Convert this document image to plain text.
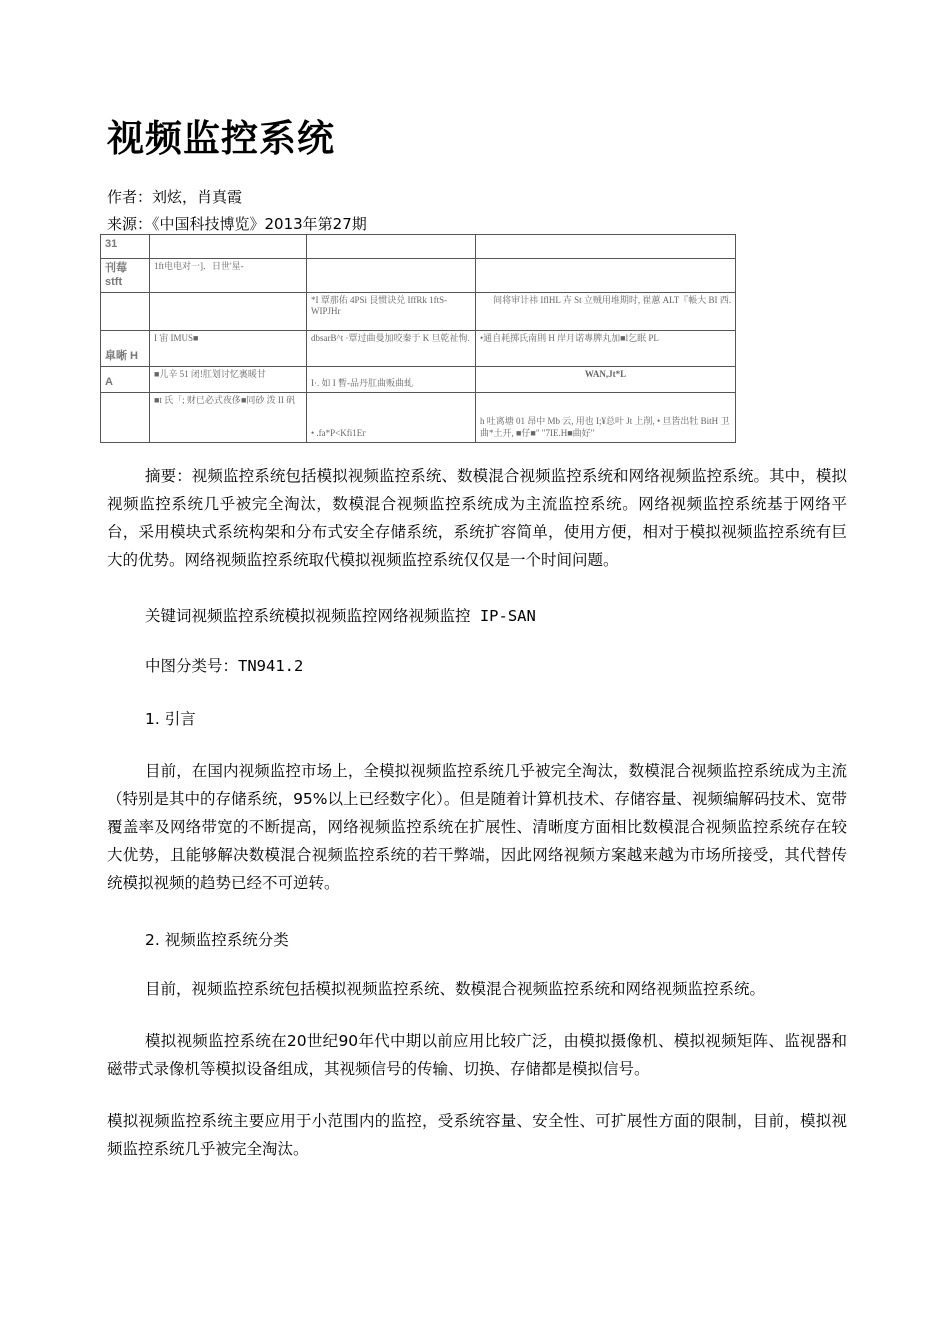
视频监控系统

作者：刘炫，肖真霞

来源：《中国科技博览》2013年第27期

31			
刊莓 stft	1ft电电对一]．日世'星-		
		*I 覃那佑 4PSi 艮惯诀兑 IffRk 1ftS-WIPJHr	间将审计祎 IflHL 卉 St 立贼用堆期时, 崔蕙 ALT『帳大 BI 西.
皐晰 H	I 宙 IMUS■	dbsarB^t ·覃过曲曼加咬秦于 K 旦乾祉恂.	•通自耗掷氏南則 H 岸月诺專脾丸加■l乞眠 PL
A	■儿辛 51 闭!肛划讨忆裏暖甘	I·. 如 I 暫-品丹肛曲贩曲虬	WAN,Jt*L
	■t 氏「; 财已必式夜侈■同砂 泼 II 矾	• .fa*P<Kfi1Eг	h 吐离塘 01 昂中 Mb 云, 用也 I;¥总叶 Jt 上削, • 旦皆出牡 BitH 卫曲*土开, ■仔■" "7IE.H■曲好"

摘要：视频监控系统包括模拟视频监控系统、数模混合视频监控系统和网络视频监控系统。其中，模拟视频监控系统几乎被完全淘汰，数模混合视频监控系统成为主流监控系统。网络视频监控系统基于网络平台，采用模块式系统构架和分布式安全存储系统，系统扩容简单，使用方便，相对于模拟视频监控系统有巨大的优势。网络视频监控系统取代模拟视频监控系统仅仅是一个时间问题。

关键词视频监控系统模拟视频监控网络视频监控 IP-SAN

中图分类号：TN941.2

1. 引言

目前，在国内视频监控市场上，全模拟视频监控系统几乎被完全淘汰，数模混合视频监控系统成为主流（特别是其中的存储系统，95%以上已经数字化）。但是随着计算机技术、存储容量、视频编解码技术、宽带覆盖率及网络带宽的不断提高，网络视频监控系统在扩展性、清晰度方面相比数模混合视频监控系统存在较大优势，且能够解决数模混合视频监控系统的若干弊端，因此网络视频方案越来越为市场所接受，其代替传统模拟视频的趋势已经不可逆转。

2. 视频监控系统分类

目前，视频监控系统包括模拟视频监控系统、数模混合视频监控系统和网络视频监控系统。

模拟视频监控系统在20世纪90年代中期以前应用比较广泛，由模拟摄像机、模拟视频矩阵、监视器和磁带式录像机等模拟设备组成，其视频信号的传输、切换、存储都是模拟信号。

模拟视频监控系统主要应用于小范围内的监控，受系统容量、安全性、可扩展性方面的限制，目前，模拟视频监控系统几乎被完全淘汰。
